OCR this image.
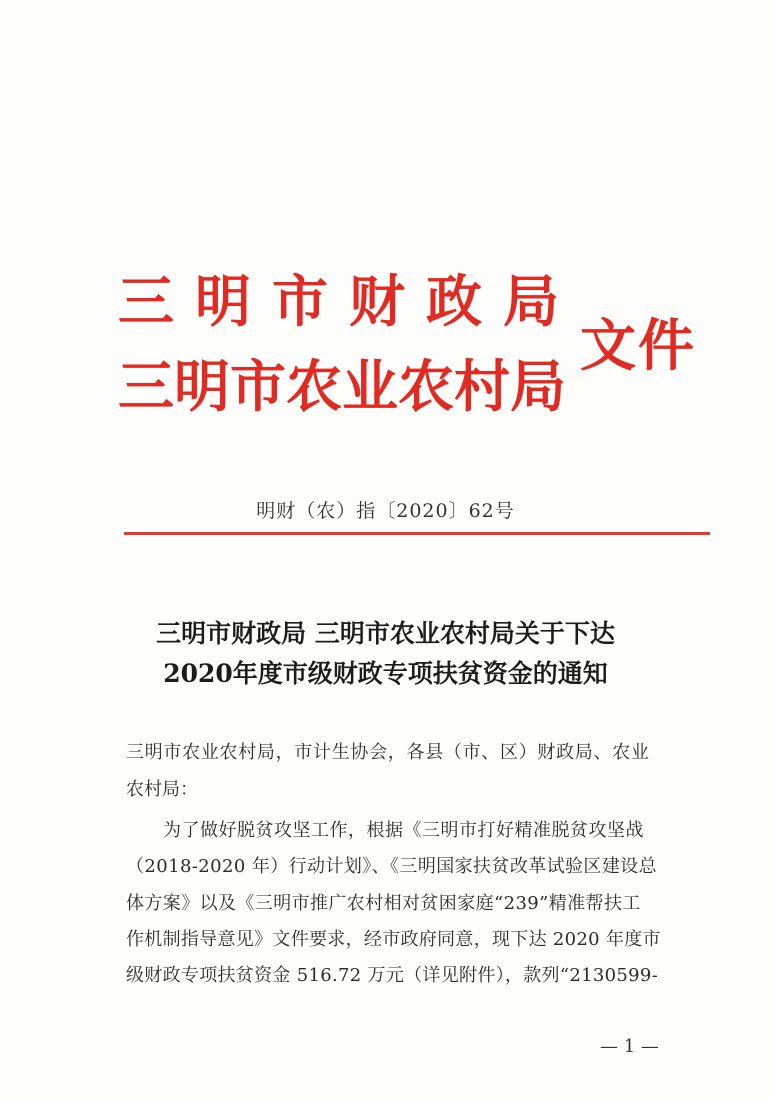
三明市财政局
三明市农业农村局
文件
明财（农）指〔2020〕62号
三明市财政局 三明市农业农村局关于下达
2020年度市级财政专项扶贫资金的通知
三明市农业农村局，市计生协会，各县（市、区）财政局、农业
农村局：
为了做好脱贫攻坚工作，根据《三明市打好精准脱贫攻坚战
（2018-2020 年）行动计划》、《三明国家扶贫改革试验区建设总
体方案》以及《三明市推广农村相对贫困家庭“239”精准帮扶工
作机制指导意见》文件要求，经市政府同意，现下达 2020 年度市
级财政专项扶贫资金 516.72 万元（详见附件），款列“2130599-
— 1 —
